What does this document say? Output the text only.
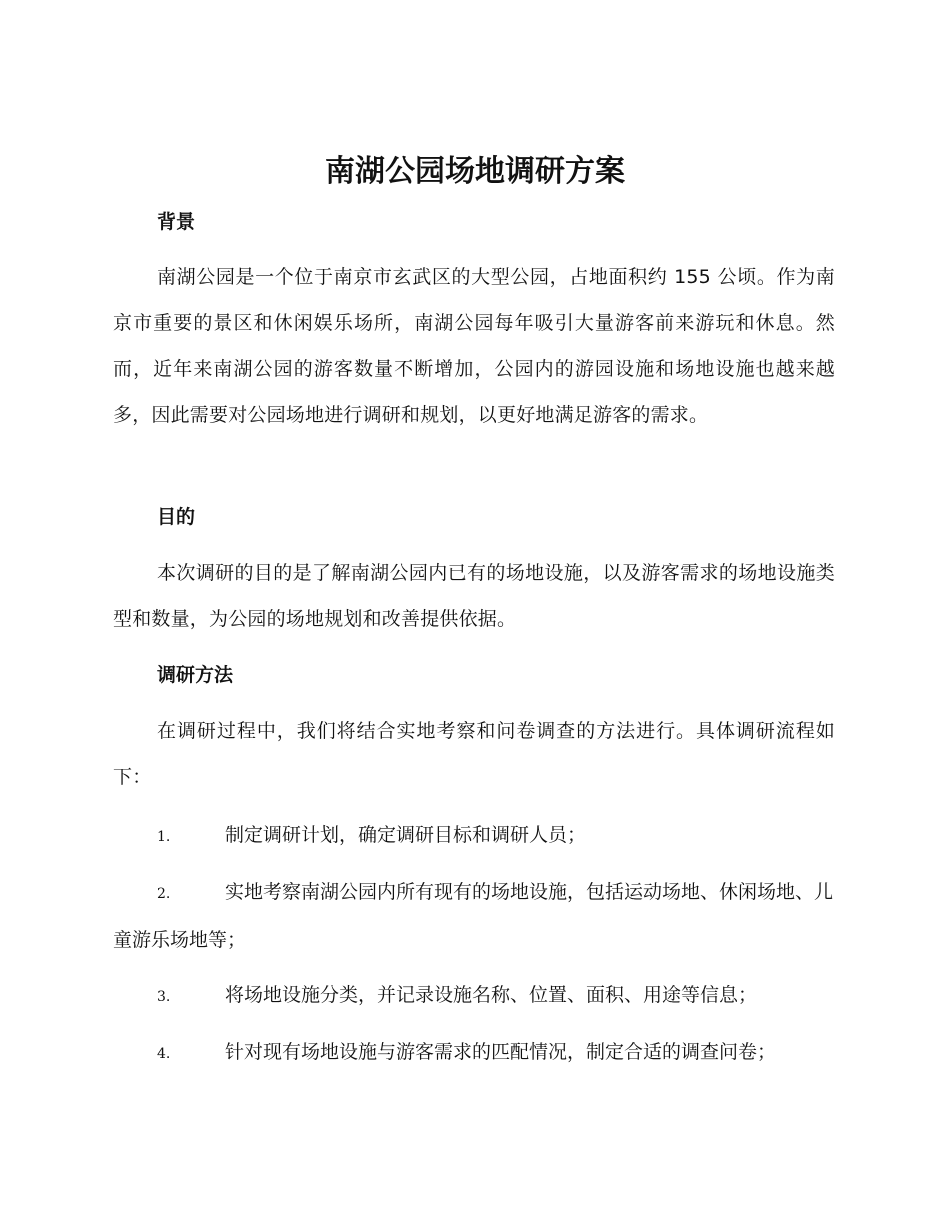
南湖公园场地调研方案
背景

南湖公园是一个位于南京市玄武区的大型公园，占地面积约 155 公顷。作为南京市重要的景区和休闲娱乐场所，南湖公园每年吸引大量游客前来游玩和休息。然而，近年来南湖公园的游客数量不断增加，公园内的游园设施和场地设施也越来越多，因此需要对公园场地进行调研和规划，以更好地满足游客的需求。

目的

本次调研的目的是了解南湖公园内已有的场地设施，以及游客需求的场地设施类型和数量，为公园的场地规划和改善提供依据。

调研方法

在调研过程中，我们将结合实地考察和问卷调查的方法进行。具体调研流程如下：

1.	制定调研计划，确定调研目标和调研人员；

2.	实地考察南湖公园内所有现有的场地设施，包括运动场地、休闲场地、儿童游乐场地等；

3.	将场地设施分类，并记录设施名称、位置、面积、用途等信息；

4.	针对现有场地设施与游客需求的匹配情况，制定合适的调查问卷；
